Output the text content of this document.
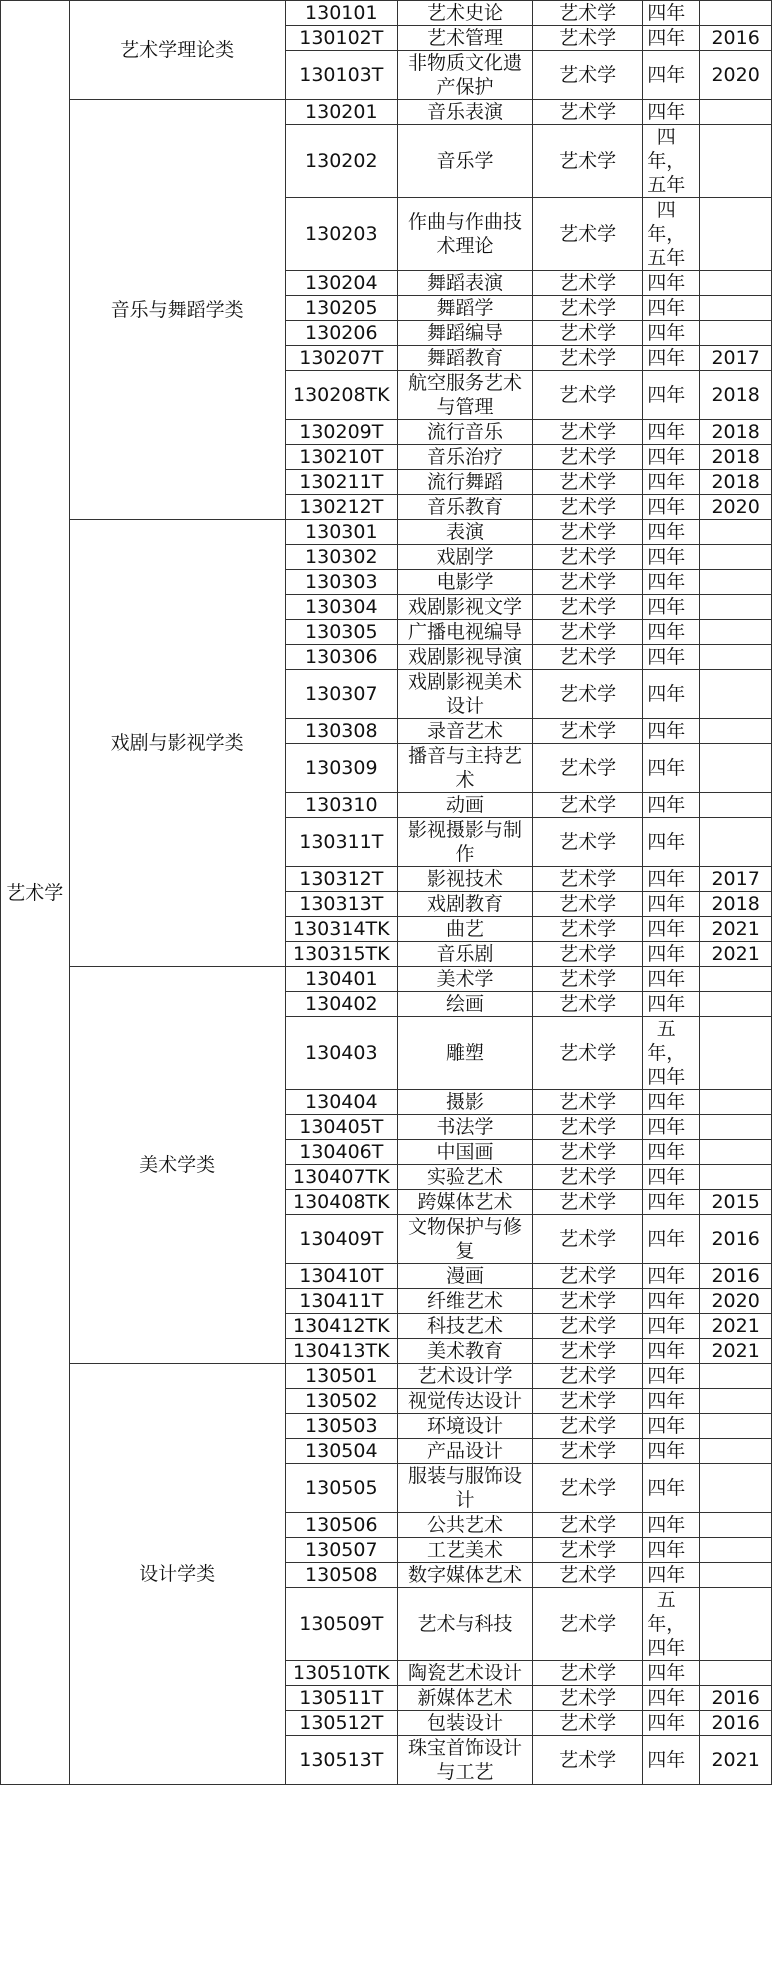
艺术学	艺术学理论类	130101	艺术史论	艺术学	四年	
		130102T	艺术管理	艺术学	四年	2016
		130103T	非物质文化遗产保护	艺术学	四年	2020
	音乐与舞蹈学类	130201	音乐表演	艺术学	四年	
		130202	音乐学	艺术学	四年，五年	
		130203	作曲与作曲技术理论	艺术学	四年，五年	
		130204	舞蹈表演	艺术学	四年	
		130205	舞蹈学	艺术学	四年	
		130206	舞蹈编导	艺术学	四年	
		130207T	舞蹈教育	艺术学	四年	2017
		130208TK	航空服务艺术与管理	艺术学	四年	2018
		130209T	流行音乐	艺术学	四年	2018
		130210T	音乐治疗	艺术学	四年	2018
		130211T	流行舞蹈	艺术学	四年	2018
		130212T	音乐教育	艺术学	四年	2020
	戏剧与影视学类	130301	表演	艺术学	四年	
		130302	戏剧学	艺术学	四年	
		130303	电影学	艺术学	四年	
		130304	戏剧影视文学	艺术学	四年	
		130305	广播电视编导	艺术学	四年	
		130306	戏剧影视导演	艺术学	四年	
		130307	戏剧影视美术设计	艺术学	四年	
		130308	录音艺术	艺术学	四年	
		130309	播音与主持艺术	艺术学	四年	
		130310	动画	艺术学	四年	
		130311T	影视摄影与制作	艺术学	四年	
		130312T	影视技术	艺术学	四年	2017
		130313T	戏剧教育	艺术学	四年	2018
		130314TK	曲艺	艺术学	四年	2021
		130315TK	音乐剧	艺术学	四年	2021
	美术学类	130401	美术学	艺术学	四年	
		130402	绘画	艺术学	四年	
		130403	雕塑	艺术学	五年，四年	
		130404	摄影	艺术学	四年	
		130405T	书法学	艺术学	四年	
		130406T	中国画	艺术学	四年	
		130407TK	实验艺术	艺术学	四年	
		130408TK	跨媒体艺术	艺术学	四年	2015
		130409T	文物保护与修复	艺术学	四年	2016
		130410T	漫画	艺术学	四年	2016
		130411T	纤维艺术	艺术学	四年	2020
		130412TK	科技艺术	艺术学	四年	2021
		130413TK	美术教育	艺术学	四年	2021
	设计学类	130501	艺术设计学	艺术学	四年	
		130502	视觉传达设计	艺术学	四年	
		130503	环境设计	艺术学	四年	
		130504	产品设计	艺术学	四年	
		130505	服装与服饰设计	艺术学	四年	
		130506	公共艺术	艺术学	四年	
		130507	工艺美术	艺术学	四年	
		130508	数字媒体艺术	艺术学	四年	
		130509T	艺术与科技	艺术学	五年，四年	
		130510TK	陶瓷艺术设计	艺术学	四年	
		130511T	新媒体艺术	艺术学	四年	2016
		130512T	包装设计	艺术学	四年	2016
		130513T	珠宝首饰设计与工艺	艺术学	四年	2021
